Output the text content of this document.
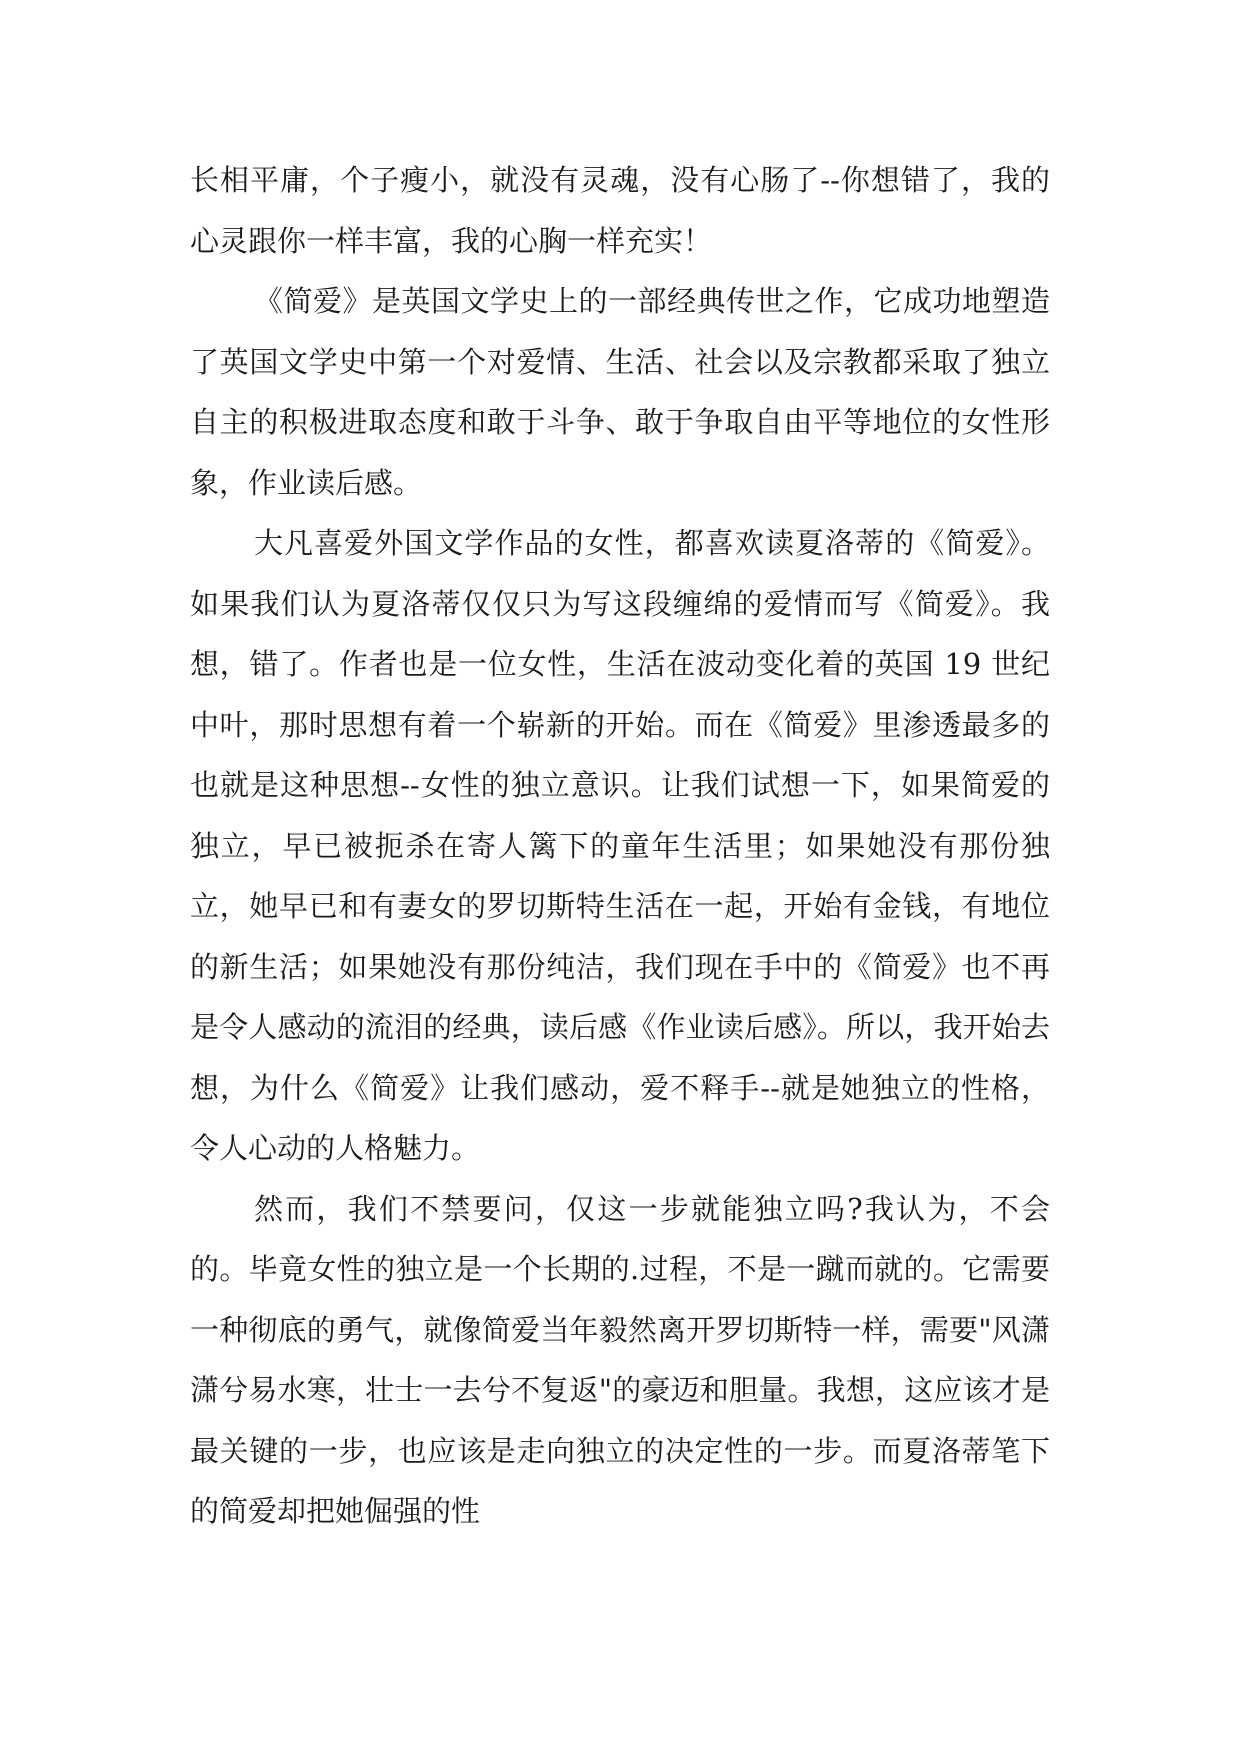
长相平庸，个子瘦小，就没有灵魂，没有心肠了--你想错了，我的心灵跟你一样丰富，我的心胸一样充实！

《简爱》是英国文学史上的一部经典传世之作，它成功地塑造了英国文学史中第一个对爱情、生活、社会以及宗教都采取了独立自主的积极进取态度和敢于斗争、敢于争取自由平等地位的女性形象，作业读后感。

大凡喜爱外国文学作品的女性，都喜欢读夏洛蒂的《简爱》。如果我们认为夏洛蒂仅仅只为写这段缠绵的爱情而写《简爱》。我想，错了。作者也是一位女性，生活在波动变化着的英国 19 世纪中叶，那时思想有着一个崭新的开始。而在《简爱》里渗透最多的也就是这种思想--女性的独立意识。让我们试想一下，如果简爱的独立，早已被扼杀在寄人篱下的童年生活里；如果她没有那份独立，她早已和有妻女的罗切斯特生活在一起，开始有金钱，有地位的新生活；如果她没有那份纯洁，我们现在手中的《简爱》也不再是令人感动的流泪的经典，读后感《作业读后感》。所以，我开始去想，为什么《简爱》让我们感动，爱不释手--就是她独立的性格，令人心动的人格魅力。

然而，我们不禁要问，仅这一步就能独立吗?我认为，不会的。毕竟女性的独立是一个长期的.过程，不是一蹴而就的。它需要一种彻底的勇气，就像简爱当年毅然离开罗切斯特一样，需要"风潇潇兮易水寒，壮士一去兮不复返"的豪迈和胆量。我想，这应该才是最关键的一步，也应该是走向独立的决定性的一步。而夏洛蒂笔下的简爱却把她倔强的性
